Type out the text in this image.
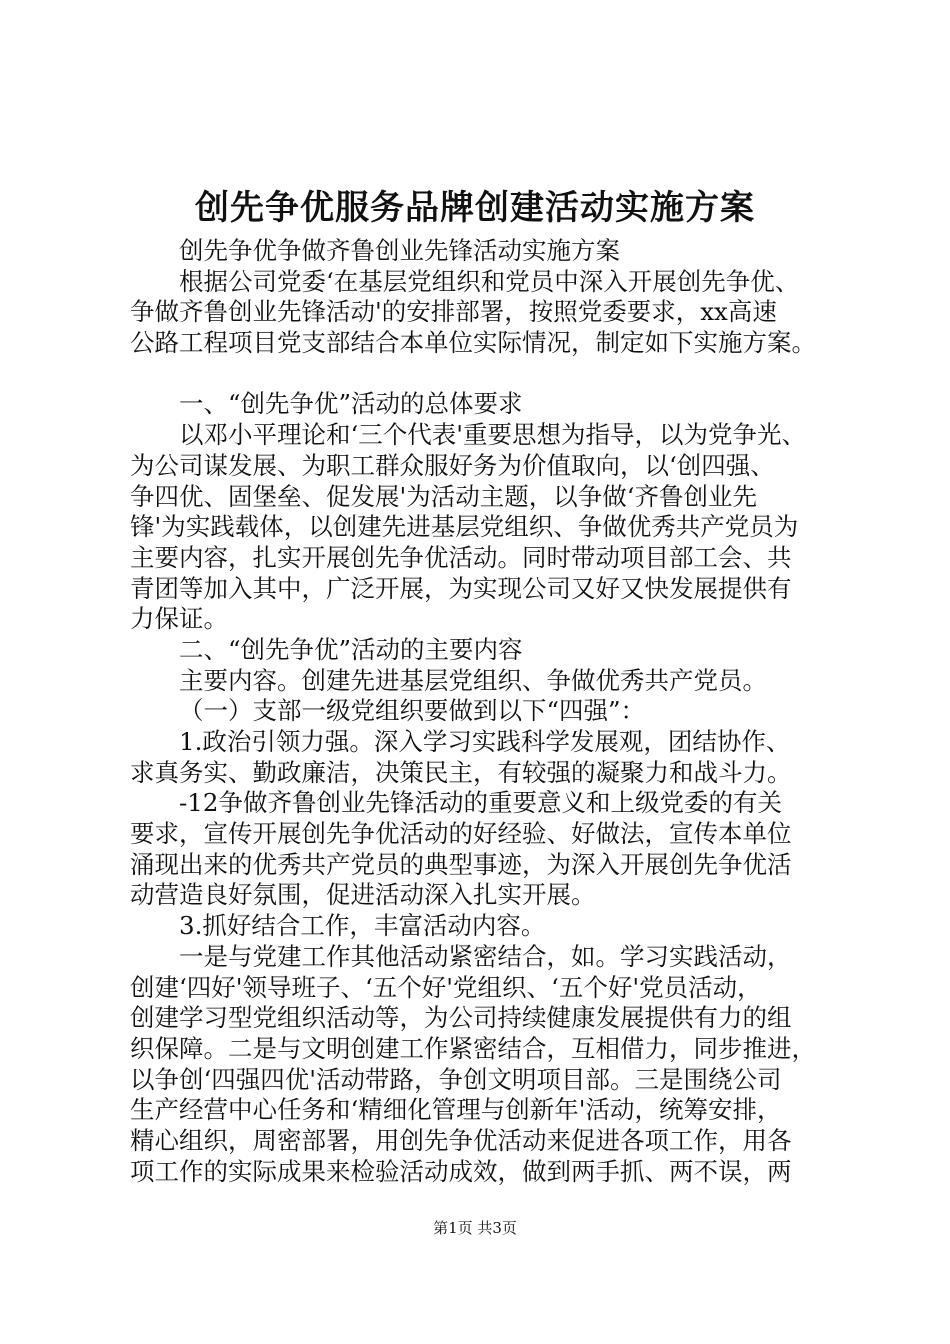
创先争优服务品牌创建活动实施方案
创先争优争做齐鲁创业先锋活动实施方案
根据公司党委‘在基层党组织和党员中深入开展创先争优、
争做齐鲁创业先锋活动'的安排部署，按照党委要求，xx高速
公路工程项目党支部结合本单位实际情况，制定如下实施方案。
一、“创先争优”活动的总体要求
以邓小平理论和‘三个代表'重要思想为指导，以为党争光、
为公司谋发展、为职工群众服好务为价值取向，以‘创四强、
争四优、固堡垒、促发展'为活动主题，以争做‘齐鲁创业先
锋'为实践载体，以创建先进基层党组织、争做优秀共产党员为
主要内容，扎实开展创先争优活动。同时带动项目部工会、共
青团等加入其中，广泛开展，为实现公司又好又快发展提供有
力保证。
二、“创先争优”活动的主要内容
主要内容。创建先进基层党组织、争做优秀共产党员。
（一）支部一级党组织要做到以下“四强”：
1.政治引领力强。深入学习实践科学发展观，团结协作、
求真务实、勤政廉洁，决策民主，有较强的凝聚力和战斗力。
-12争做齐鲁创业先锋活动的重要意义和上级党委的有关
要求，宣传开展创先争优活动的好经验、好做法，宣传本单位
涌现出来的优秀共产党员的典型事迹，为深入开展创先争优活
动营造良好氛围，促进活动深入扎实开展。
3.抓好结合工作，丰富活动内容。
一是与党建工作其他活动紧密结合，如。学习实践活动，
创建‘四好'领导班子、‘五个好'党组织、‘五个好'党员活动，
创建学习型党组织活动等，为公司持续健康发展提供有力的组
织保障。二是与文明创建工作紧密结合，互相借力，同步推进，
以争创‘四强四优'活动带路，争创文明项目部。三是围绕公司
生产经营中心任务和‘精细化管理与创新年'活动，统筹安排，
精心组织，周密部署，用创先争优活动来促进各项工作，用各
项工作的实际成果来检验活动成效，做到两手抓、两不误，两
第1页 共3页
